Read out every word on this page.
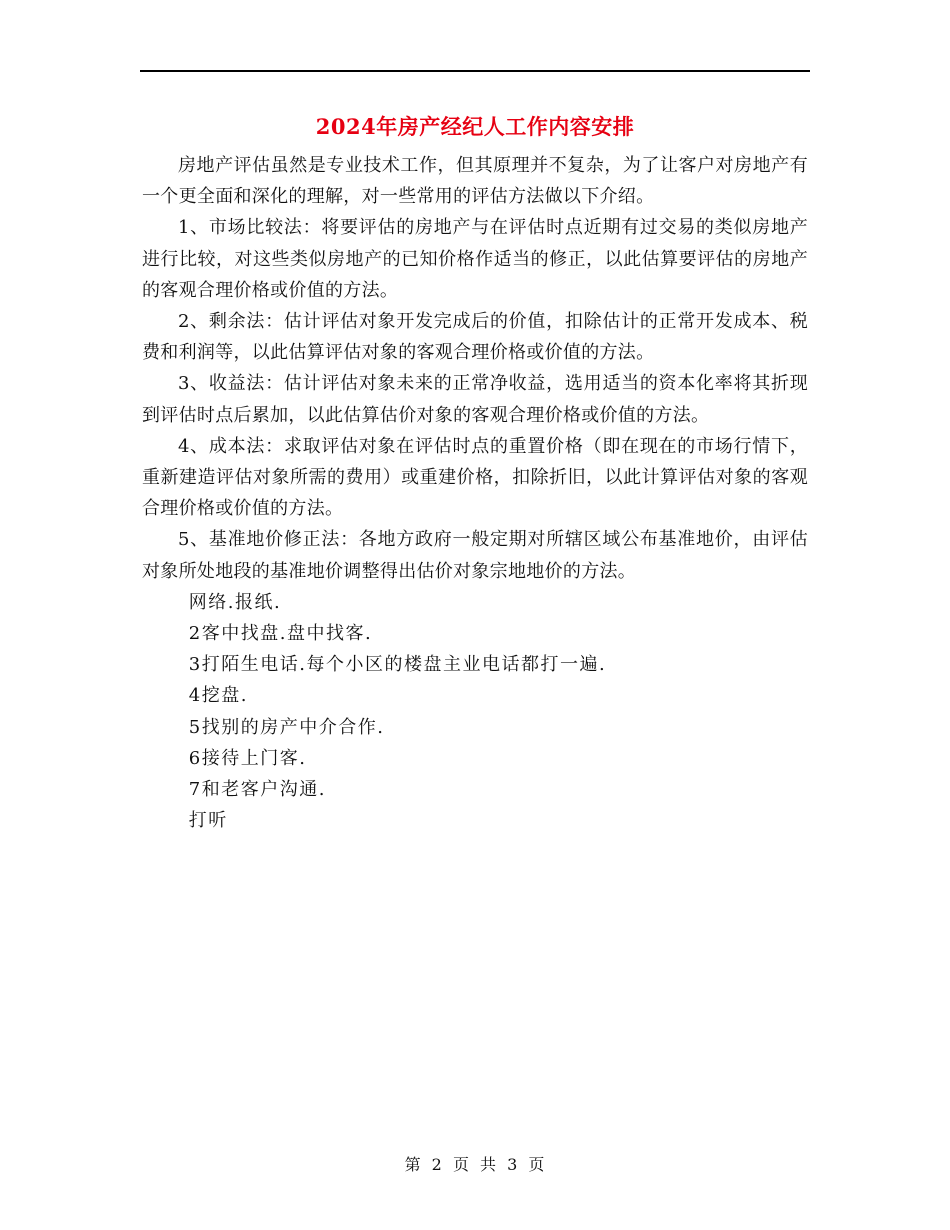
2024年房产经纪人工作内容安排

房地产评估虽然是专业技术工作，但其原理并不复杂，为了让客户对房地产有一个更全面和深化的理解，对一些常用的评估方法做以下介绍。

1、市场比较法：将要评估的房地产与在评估时点近期有过交易的类似房地产进行比较，对这些类似房地产的已知价格作适当的修正，以此估算要评估的房地产的客观合理价格或价值的方法。

2、剩余法：估计评估对象开发完成后的价值，扣除估计的正常开发成本、税费和利润等，以此估算评估对象的客观合理价格或价值的方法。

3、收益法：估计评估对象未来的正常净收益，选用适当的资本化率将其折现到评估时点后累加，以此估算估价对象的客观合理价格或价值的方法。

4、成本法：求取评估对象在评估时点的重置价格（即在现在的市场行情下，重新建造评估对象所需的费用）或重建价格，扣除折旧，以此计算评估对象的客观合理价格或价值的方法。

5、基准地价修正法：各地方政府一般定期对所辖区域公布基准地价，由评估对象所处地段的基准地价调整得出估价对象宗地地价的方法。

网络.报纸.

2客中找盘.盘中找客.

3打陌生电话.每个小区的楼盘主业电话都打一遍.

4挖盘.

5找别的房产中介合作.

6接待上门客.

7和老客户沟通.

打听

第 2 页 共 3 页
